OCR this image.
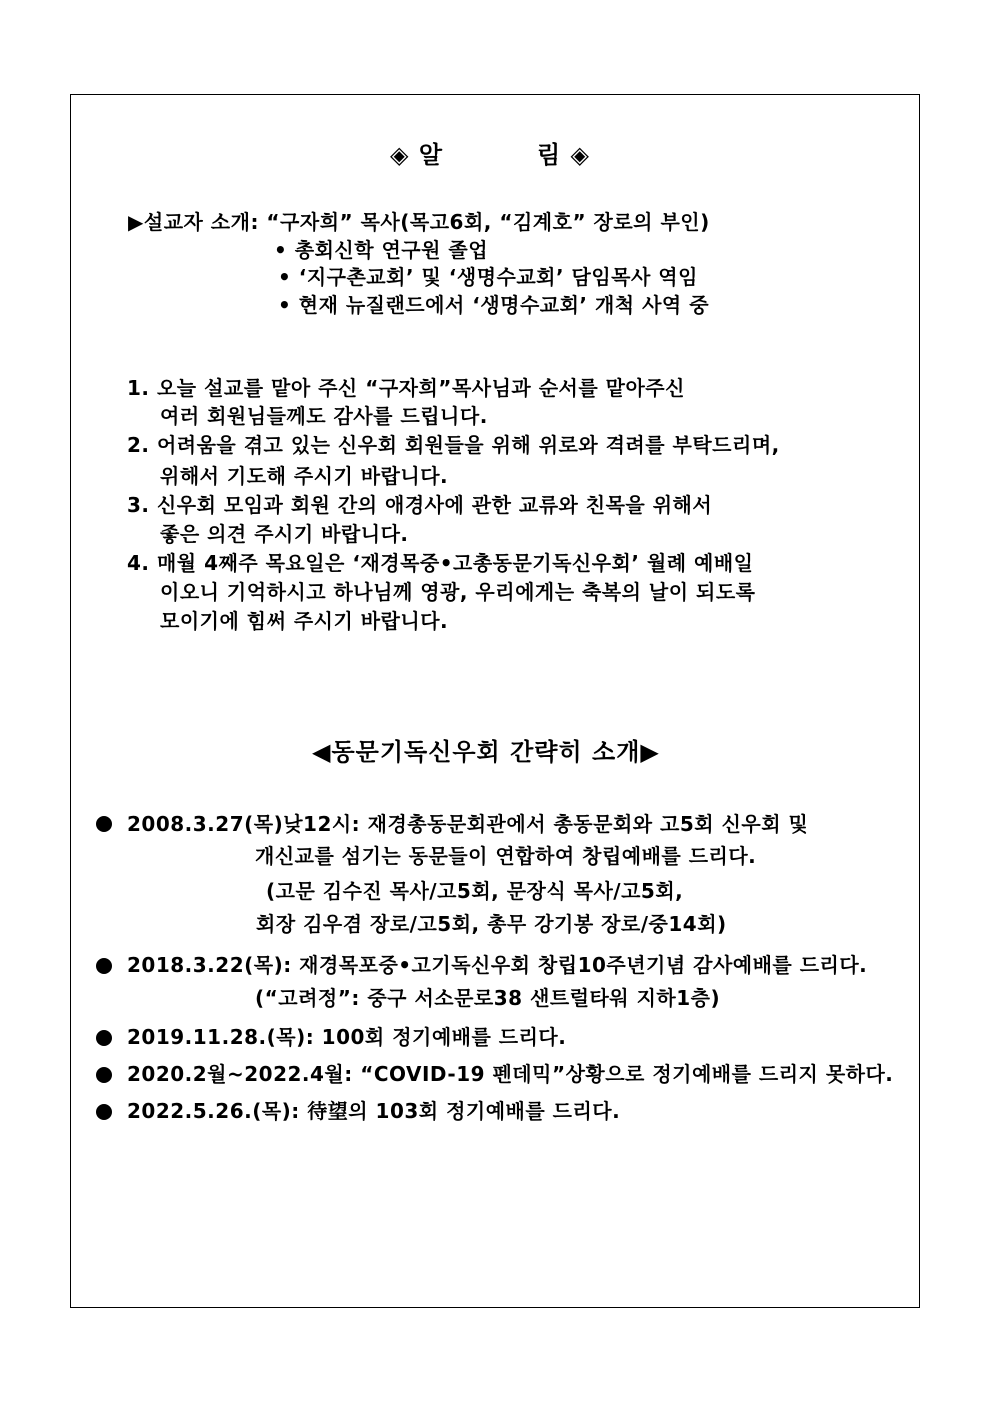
◈ 알	림 ◈
▶설교자 소개: “구자희” 목사(목고6회, “김계호” 장로의 부인)
• 총회신학 연구원 졸업
• ‘지구촌교회’ 및 ‘생명수교회’ 담임목사 역임
• 현재 뉴질랜드에서 ‘생명수교회’ 개척 사역 중
1. 오늘 설교를 맡아 주신 “구자희”목사님과 순서를 맡아주신
여러 회원님들께도 감사를 드립니다.
2. 어려움을 겪고 있는 신우회 회원들을 위해 위로와 격려를 부탁드리며,
위해서 기도해 주시기 바랍니다.
3. 신우회 모임과 회원 간의 애경사에 관한 교류와 친목을 위해서
좋은 의견 주시기 바랍니다.
4. 매월 4째주 목요일은 ‘재경목중•고총동문기독신우회’ 월례 예배일
이오니 기억하시고 하나님께 영광, 우리에게는 축복의 날이 되도록
모이기에 힘써 주시기 바랍니다.
◀동문기독신우회 간략히 소개▶
2008.3.27(목)낮12시: 재경총동문회관에서 총동문회와 고5회 신우회 및
개신교를 섬기는 동문들이 연합하여 창립예배를 드리다.
(고문 김수진 목사/고5회, 문장식 목사/고5회,
회장 김우겸 장로/고5회, 총무 강기봉 장로/중14회)
2018.3.22(목): 재경목포중•고기독신우회 창립10주년기념 감사예배를 드리다.
(“고려정”: 중구 서소문로38 샌트럴타워 지하1층)
2019.11.28.(목): 100회 정기예배를 드리다.
2020.2월~2022.4월: “COVID-19 펜데믹”상황으로 정기예배를 드리지 못하다.
2022.5.26.(목): 待望의 103회 정기예배를 드리다.
